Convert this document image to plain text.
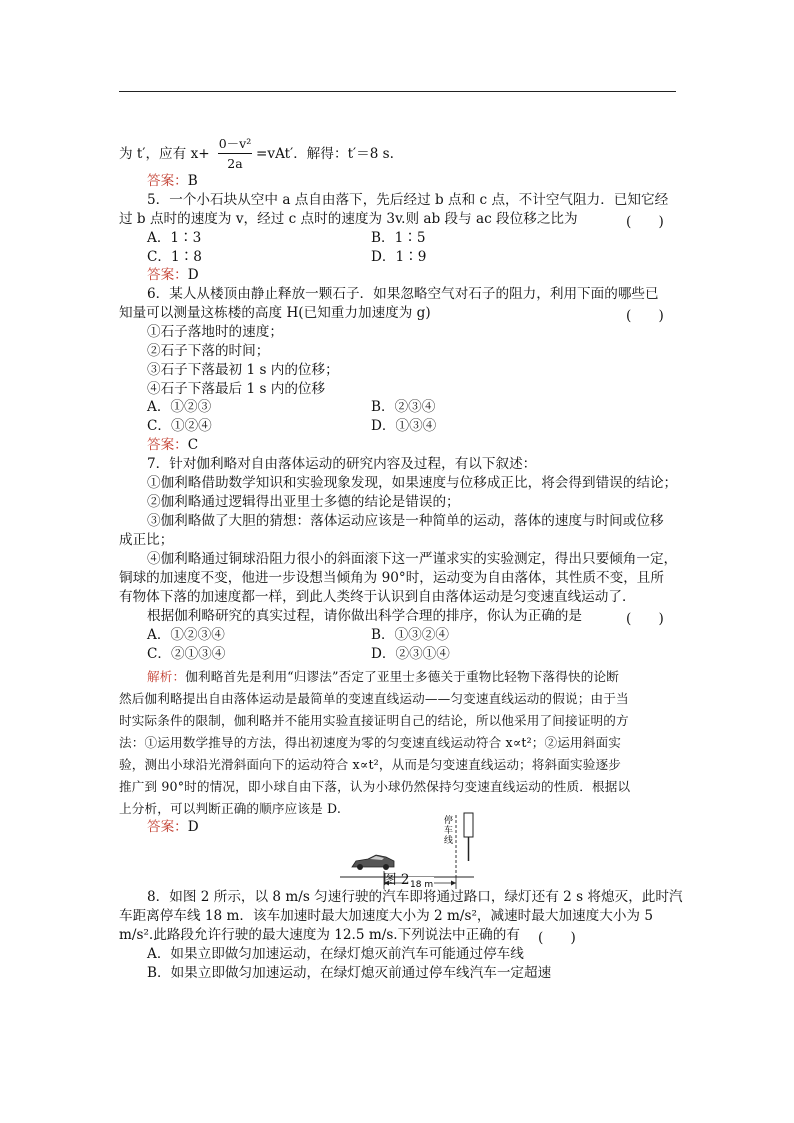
为 t′，应有 x+
0－v²
2a
=vAt′．解得：t′＝8 s.
答案：B
5．一个小石块从空中 a 点自由落下，先后经过 b 点和 c 点，不计空气阻力．已知它经
过 b 点时的速度为 v，经过 c 点时的速度为 3v.则 ab 段与 ac 段位移之比为	(　　)
A．1∶3	B．1∶5
C．1∶8	D．1∶9
答案：D
6．某人从楼顶由静止释放一颗石子．如果忽略空气对石子的阻力，利用下面的哪些已
知量可以测量这栋楼的高度 H(已知重力加速度为 g)	(　　)
①石子落地时的速度；
②石子下落的时间；
③石子下落最初 1 s 内的位移；
④石子下落最后 1 s 内的位移
A．①②③	B．②③④
C．①②④	D．①③④
答案：C
7．针对伽利略对自由落体运动的研究内容及过程，有以下叙述：
①伽利略借助数学知识和实验现象发现，如果速度与位移成正比，将会得到错误的结论；
②伽利略通过逻辑得出亚里士多德的结论是错误的；
③伽利略做了大胆的猜想：落体运动应该是一种简单的运动，落体的速度与时间或位移
成正比；
④伽利略通过铜球沿阻力很小的斜面滚下这一严谨求实的实验测定，得出只要倾角一定，
铜球的加速度不变，他进一步设想当倾角为 90°时，运动变为自由落体，其性质不变，且所
有物体下落的加速度都一样，到此人类终于认识到自由落体运动是匀变速直线运动了．
根据伽利略研究的真实过程，请你做出科学合理的排序，你认为正确的是	(　　)
A．①②③④	B．①③②④
C．②①③④	D．②③①④
解析：伽利略首先是利用“归谬法”否定了亚里士多德关于重物比轻物下落得快的论断
然后伽利略提出自由落体运动是最简单的变速直线运动——匀变速直线运动的假说；由于当
时实际条件的限制，伽利略并不能用实验直接证明自己的结论，所以他采用了间接证明的方
法：①运用数学推导的方法，得出初速度为零的匀变速直线运动符合 x∝t²；②运用斜面实
验，测出小球沿光滑斜面向下的运动符合 x∝t²，从而是匀变速直线运动；将斜面实验逐步
推广到 90°时的情况，即小球自由下落，认为小球仍然保持匀变速直线运动的性质．根据以
上分析，可以判断正确的顺序应该是 D.
答案：D	停车线
18 m
图 2
8．如图 2 所示，以 8 m/s 匀速行驶的汽车即将通过路口，绿灯还有 2 s 将熄灭，此时汽
车距离停车线 18 m．该车加速时最大加速度大小为 2 m/s²，减速时最大加速度大小为 5
m/s².此路段允许行驶的最大速度为 12.5 m/s.下列说法中正确的有 (　　)
A．如果立即做匀加速运动，在绿灯熄灭前汽车可能通过停车线
B．如果立即做匀加速运动，在绿灯熄灭前通过停车线汽车一定超速
